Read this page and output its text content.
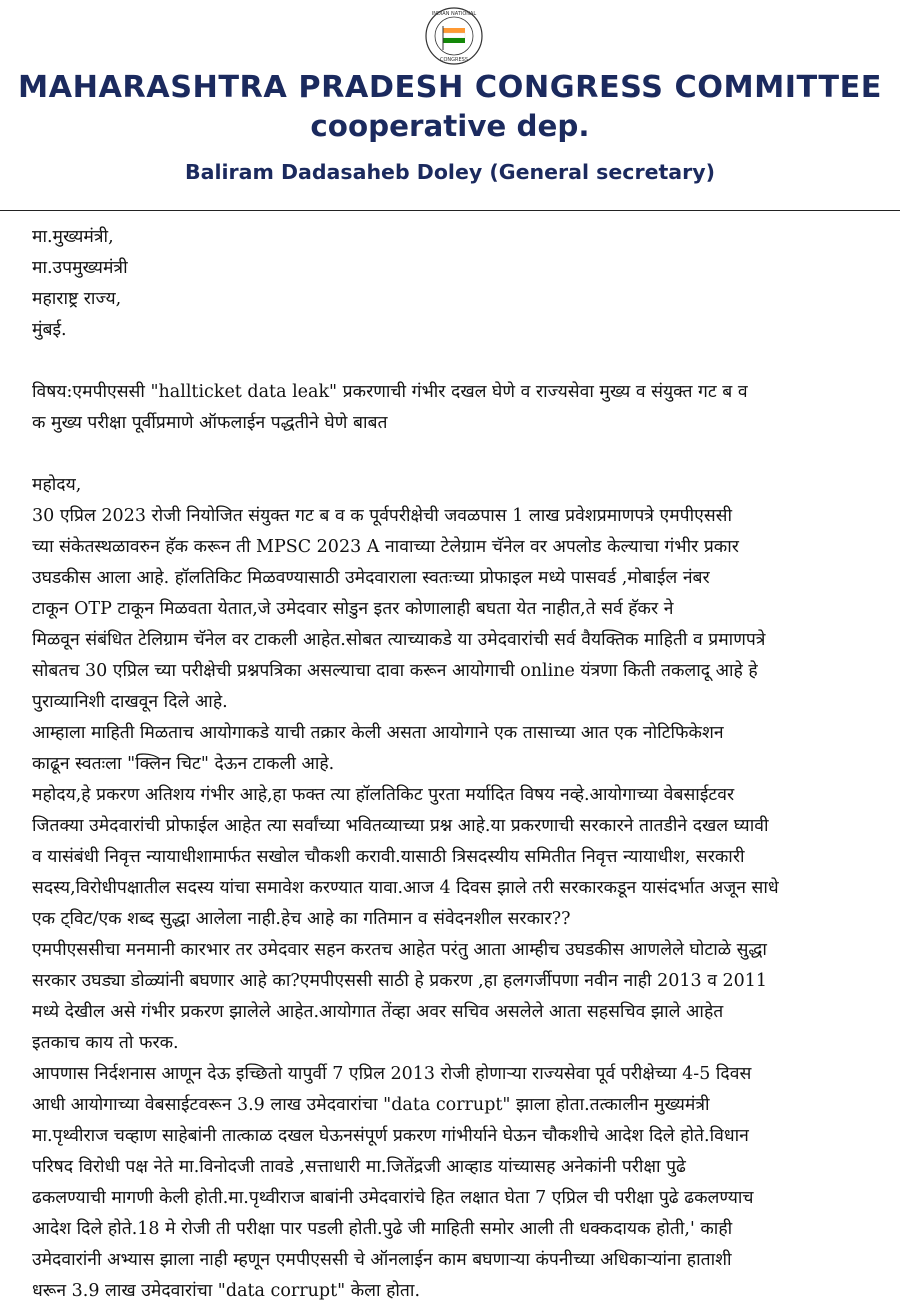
INDIAN NATIONAL
CONGRESS
MAHARASHTRA PRADESH CONGRESS COMMITTEE
cooperative dep.
Baliram Dadasaheb Doley (General secretary)
मा.मुख्यमंत्री,
मा.उपमुख्यमंत्री
महाराष्ट्र राज्य,
मुंबई.
विषय:एमपीएससी "hallticket data leak" प्रकरणाची गंभीर दखल घेणे व राज्यसेवा मुख्य व संयुक्त गट ब व
क मुख्य परीक्षा पूर्वीप्रमाणे ऑफलाईन पद्धतीने घेणे बाबत
महोदय,
30 एप्रिल 2023 रोजी नियोजित संयुक्त गट ब व क पूर्वपरीक्षेची जवळपास 1 लाख प्रवेशप्रमाणपत्रे एमपीएससी
च्या संकेतस्थळावरुन हॅक करून ती MPSC 2023 A नावाच्या टेलेग्राम चॅनेल वर अपलोड केल्याचा गंभीर प्रकार
उघडकीस आला आहे. हॉलतिकिट मिळवण्यासाठी उमेदवाराला स्वतःच्या प्रोफाइल मध्ये पासवर्ड ,मोबाईल नंबर
टाकून OTP टाकून मिळवता येतात,जे उमेदवार सोडुन इतर कोणालाही बघता येत नाहीत,ते सर्व हॅकर ने
मिळवून संबंधित टेलिग्राम चॅनेल वर टाकली आहेत.सोबत त्याच्याकडे या उमेदवारांची सर्व वैयक्तिक माहिती व प्रमाणपत्रे
सोबतच 30 एप्रिल च्या परीक्षेची प्रश्नपत्रिका असल्याचा दावा करून आयोगाची online यंत्रणा किती तकलादू आहे हे
पुराव्यानिशी दाखवून दिले आहे.
आम्हाला माहिती मिळताच आयोगाकडे याची तक्रार केली असता आयोगाने एक तासाच्या आत एक नोटिफिकेशन
काढून स्वतःला "क्लिन चिट" देऊन टाकली आहे.
महोदय,हे प्रकरण अतिशय गंभीर आहे,हा फक्त त्या हॉलतिकिट पुरता मर्यादित विषय नव्हे.आयोगाच्या वेबसाईटवर
जितक्या उमेदवारांची प्रोफाईल आहेत त्या सर्वांच्या भवितव्याच्या प्रश्न आहे.या प्रकरणाची सरकारने तातडीने दखल घ्यावी
व यासंबंधी निवृत्त न्यायाधीशामार्फत सखोल चौकशी करावी.यासाठी त्रिसदस्यीय समितीत निवृत्त न्यायाधीश, सरकारी
सदस्य,विरोधीपक्षातील सदस्य यांचा समावेश करण्यात यावा.आज 4 दिवस झाले तरी सरकारकडून यासंदर्भात अजून साधे
एक ट्विट/एक शब्द सुद्धा आलेला नाही.हेच आहे का गतिमान व संवेदनशील सरकार??
एमपीएससीचा मनमानी कारभार तर उमेदवार सहन करतच आहेत परंतु आता आम्हीच उघडकीस आणलेले घोटाळे सुद्धा
सरकार उघड्या डोळ्यांनी बघणार आहे का?एमपीएससी साठी हे प्रकरण ,हा हलगर्जीपणा नवीन नाही 2013 व 2011
मध्ये देखील असे गंभीर प्रकरण झालेले आहेत.आयोगात तेंव्हा अवर सचिव असलेले आता सहसचिव झाले आहेत
इतकाच काय तो फरक.
आपणास निर्दशनास आणून देऊ इच्छितो यापुर्वी 7 एप्रिल 2013 रोजी होणाऱ्या राज्यसेवा पूर्व परीक्षेच्या 4-5 दिवस
आधी आयोगाच्या वेबसाईटवरून 3.9 लाख उमेदवारांचा "data corrupt" झाला होता.तत्कालीन मुख्यमंत्री
मा.पृथ्वीराज चव्हाण साहेबांनी तात्काळ दखल घेऊनसंपूर्ण प्रकरण गांभीर्याने घेऊन चौकशीचे आदेश दिले होते.विधान
परिषद विरोधी पक्ष नेते मा.विनोदजी तावडे ,सत्ताधारी मा.जितेंद्रजी आव्हाड यांच्यासह अनेकांनी परीक्षा पुढे
ढकलण्याची मागणी केली होती.मा.पृथ्वीराज बाबांनी उमेदवारांचे हित लक्षात घेता 7 एप्रिल ची परीक्षा पुढे ढकलण्याच
आदेश दिले होते.18 मे रोजी ती परीक्षा पार पडली होती.पुढे जी माहिती समोर आली ती धक्कदायक होती,' काही
उमेदवारांनी अभ्यास झाला नाही म्हणून एमपीएससी चे ऑनलाईन काम बघणाऱ्या कंपनीच्या अधिकाऱ्यांना हाताशी
धरून 3.9 लाख उमेदवारांचा "data corrupt" केला होता.
